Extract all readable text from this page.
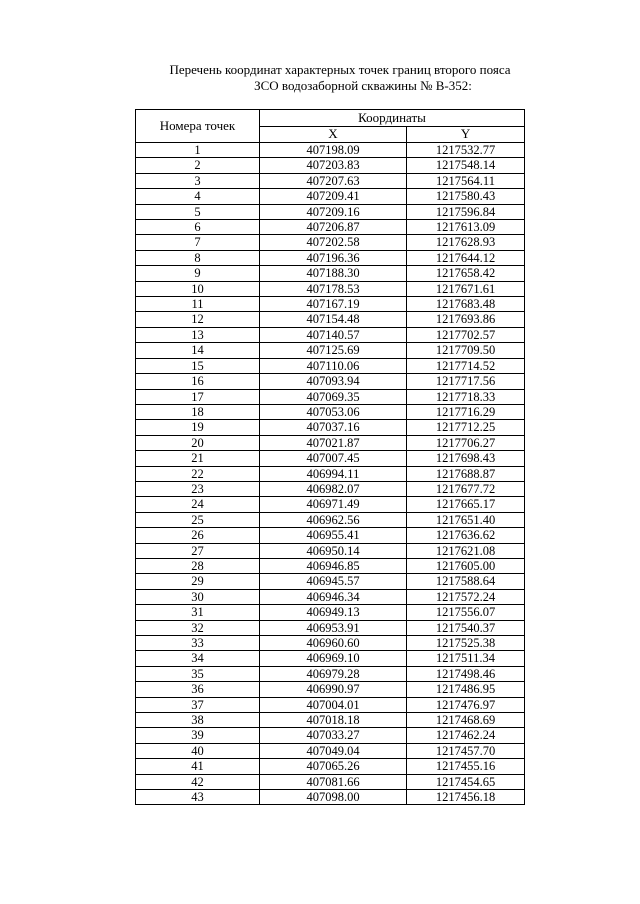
Перечень координат характерных точек границ второго пояса
ЗСО водозаборной скважины № В-352:
Номера точек	Координаты	
	X	Y
1	407198.09	1217532.77
2	407203.83	1217548.14
3	407207.63	1217564.11
4	407209.41	1217580.43
5	407209.16	1217596.84
6	407206.87	1217613.09
7	407202.58	1217628.93
8	407196.36	1217644.12
9	407188.30	1217658.42
10	407178.53	1217671.61
11	407167.19	1217683.48
12	407154.48	1217693.86
13	407140.57	1217702.57
14	407125.69	1217709.50
15	407110.06	1217714.52
16	407093.94	1217717.56
17	407069.35	1217718.33
18	407053.06	1217716.29
19	407037.16	1217712.25
20	407021.87	1217706.27
21	407007.45	1217698.43
22	406994.11	1217688.87
23	406982.07	1217677.72
24	406971.49	1217665.17
25	406962.56	1217651.40
26	406955.41	1217636.62
27	406950.14	1217621.08
28	406946.85	1217605.00
29	406945.57	1217588.64
30	406946.34	1217572.24
31	406949.13	1217556.07
32	406953.91	1217540.37
33	406960.60	1217525.38
34	406969.10	1217511.34
35	406979.28	1217498.46
36	406990.97	1217486.95
37	407004.01	1217476.97
38	407018.18	1217468.69
39	407033.27	1217462.24
40	407049.04	1217457.70
41	407065.26	1217455.16
42	407081.66	1217454.65
43	407098.00	1217456.18
